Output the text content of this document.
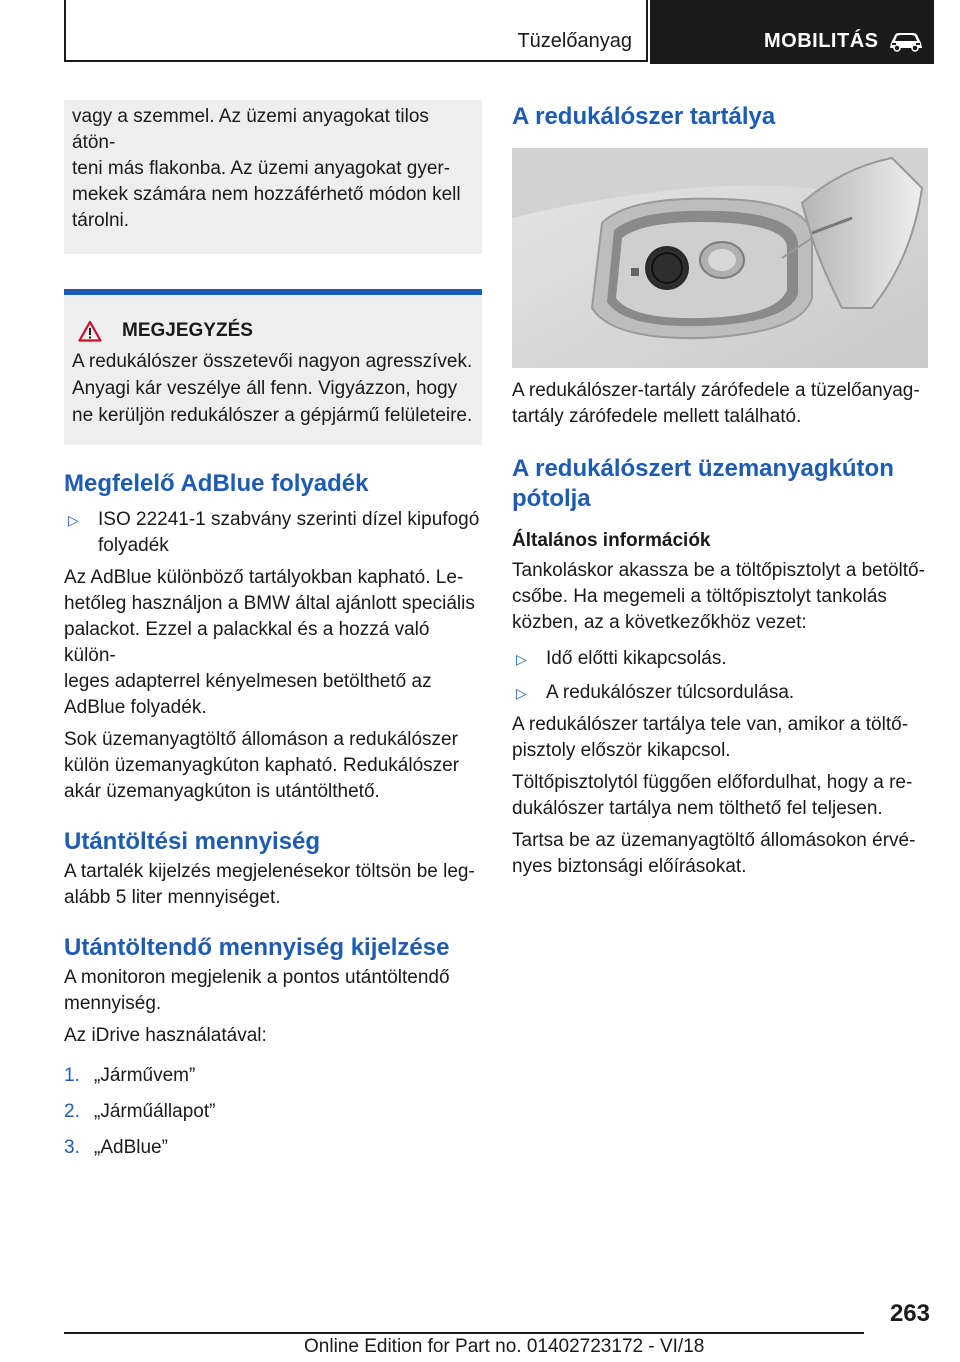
Tüzelőanyag	MOBILITÁS

vagy a szemmel. Az üzemi anyagokat tilos átön-

teni más flakonba. Az üzemi anyagokat gyer-

mekek számára nem hozzáférhető módon kell

tárolni.

MEGJEGYZÉS

A redukálószer összetevői nagyon agresszívek.

Anyagi kár veszélye áll fenn. Vigyázzon, hogy

ne kerüljön redukálószer a gépjármű felületeire.

Megfelelő AdBlue folyadék
▷	ISO 22241-1 szabvány szerinti dízel kipufogó
folyadék

Az AdBlue különböző tartályokban kapható. Le-

hetőleg használjon a BMW által ajánlott speciális

palackot. Ezzel a palackkal és a hozzá való külön-

leges adapterrel kényelmesen betölthető az

AdBlue folyadék.

Sok üzemanyagtöltő állomáson a redukálószer

külön üzemanyagkúton kapható. Redukálószer

akár üzemanyagkúton is utántölthető.

Utántöltési mennyiség

A tartalék kijelzés megjelenésekor töltsön be leg-

alább 5 liter mennyiséget.

Utántöltendő mennyiség kijelzése

A monitoron megjelenik a pontos utántöltendő

mennyiség.

Az iDrive használatával:

1. „Járművem”
2. „Járműállapot”
3. „AdBlue”
A redukálószer tartálya

A redukálószer-tartály zárófedele a tüzelőanyag-

tartály zárófedele mellett található.

A redukálószert üzemanyagkúton
pótolja
Általános információk

Tankoláskor akassza be a töltőpisztolyt a betöltő-

csőbe. Ha megemeli a töltőpisztolyt tankolás

közben, az a következőkhöz vezet:

▷	Idő előtti kikapcsolás.
▷	A redukálószer túlcsordulása.

A redukálószer tartálya tele van, amikor a töltő-

pisztoly először kikapcsol.

Töltőpisztolytól függően előfordulhat, hogy a re-

dukálószer tartálya nem tölthető fel teljesen.

Tartsa be az üzemanyagtöltő állomásokon érvé-

nyes biztonsági előírásokat.

263
Online Edition for Part no. 01402723172 - VI/18
